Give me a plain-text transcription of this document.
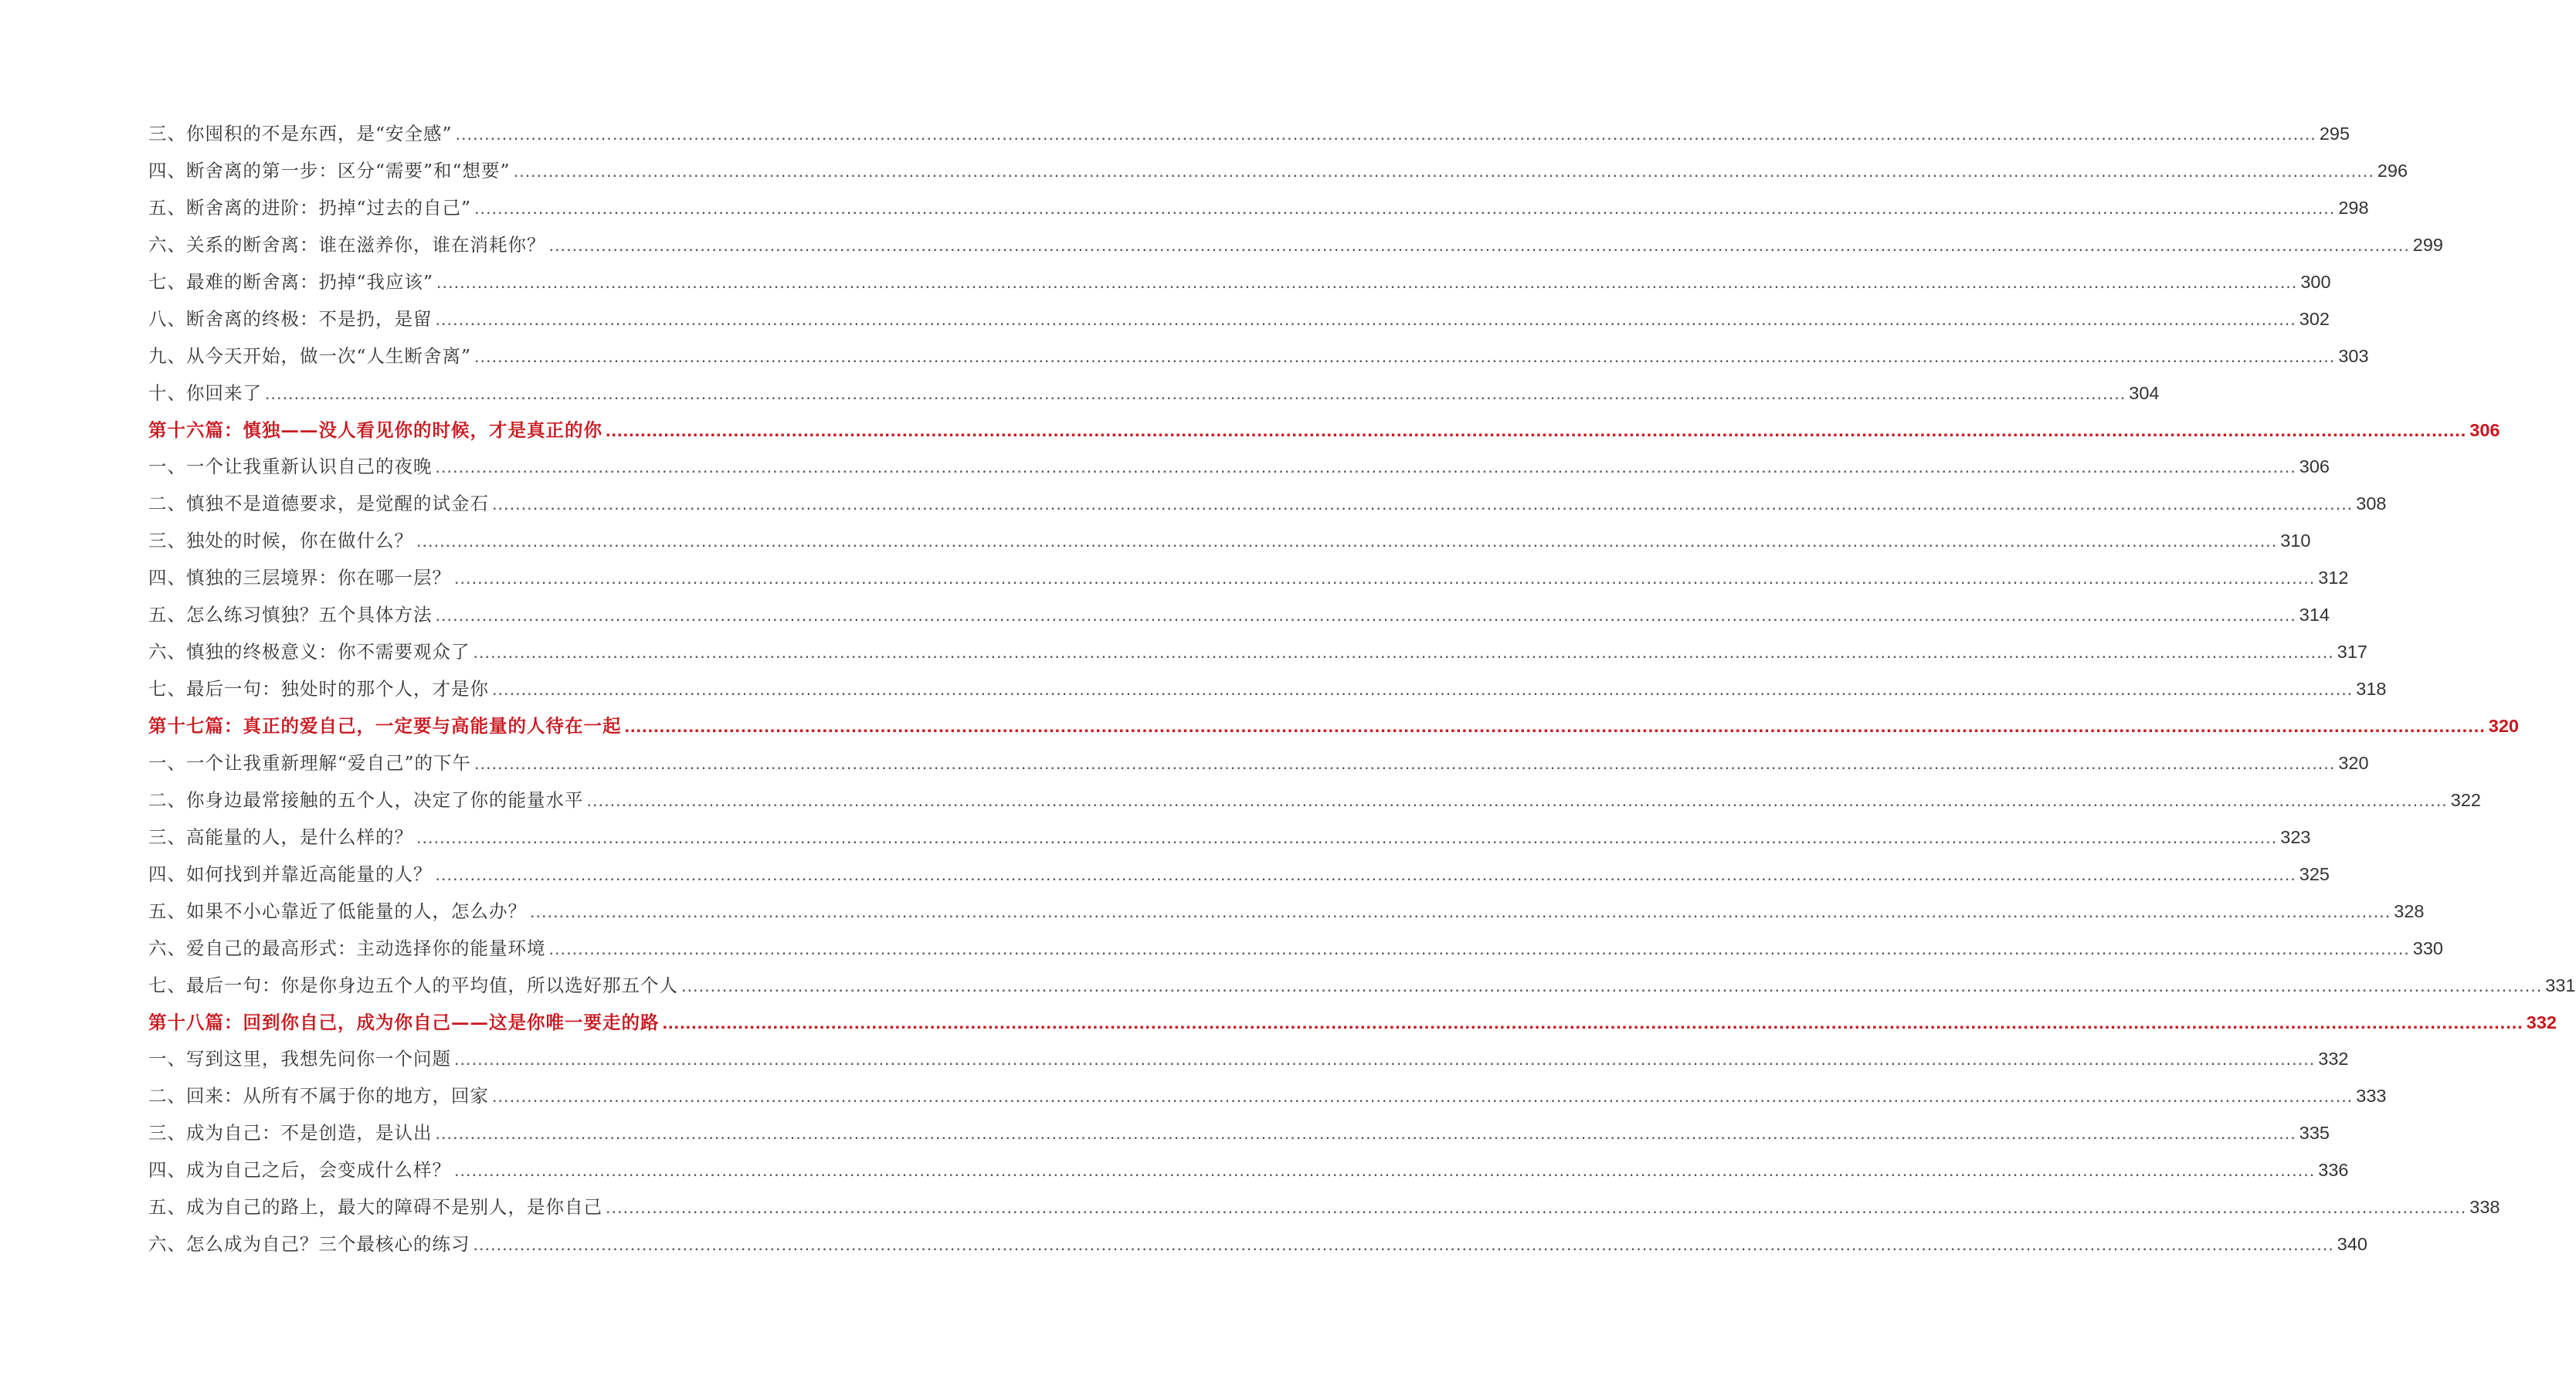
三、你囤积的不是东西，是“安全感” ................................................................................................................................................................................................................................................................................................................................ 295
四、断舍离的第一步：区分“需要”和“想要” ................................................................................................................................................................................................................................................................................................................................ 296
五、断舍离的进阶：扔掉“过去的自己” ................................................................................................................................................................................................................................................................................................................................ 298
六、关系的断舍离：谁在滋养你，谁在消耗你？ ................................................................................................................................................................................................................................................................................................................................ 299
七、最难的断舍离：扔掉“我应该” ................................................................................................................................................................................................................................................................................................................................ 300
八、断舍离的终极：不是扔，是留 ................................................................................................................................................................................................................................................................................................................................ 302
九、从今天开始，做一次“人生断舍离” ................................................................................................................................................................................................................................................................................................................................ 303
十、你回来了 ................................................................................................................................................................................................................................................................................................................................ 304
第十六篇：慎独——没人看见你的时候，才是真正的你 ................................................................................................................................................................................................................................................................................................................................ 306
一、一个让我重新认识自己的夜晚 ................................................................................................................................................................................................................................................................................................................................ 306
二、慎独不是道德要求，是觉醒的试金石 ................................................................................................................................................................................................................................................................................................................................ 308
三、独处的时候，你在做什么？ ................................................................................................................................................................................................................................................................................................................................ 310
四、慎独的三层境界：你在哪一层？ ................................................................................................................................................................................................................................................................................................................................ 312
五、怎么练习慎独？五个具体方法 ................................................................................................................................................................................................................................................................................................................................ 314
六、慎独的终极意义：你不需要观众了 ................................................................................................................................................................................................................................................................................................................................ 317
七、最后一句：独处时的那个人，才是你 ................................................................................................................................................................................................................................................................................................................................ 318
第十七篇：真正的爱自己，一定要与高能量的人待在一起 ................................................................................................................................................................................................................................................................................................................................ 320
一、一个让我重新理解“爱自己”的下午 ................................................................................................................................................................................................................................................................................................................................ 320
二、你身边最常接触的五个人，决定了你的能量水平 ................................................................................................................................................................................................................................................................................................................................ 322
三、高能量的人，是什么样的？ ................................................................................................................................................................................................................................................................................................................................ 323
四、如何找到并靠近高能量的人？ ................................................................................................................................................................................................................................................................................................................................ 325
五、如果不小心靠近了低能量的人，怎么办？ ................................................................................................................................................................................................................................................................................................................................ 328
六、爱自己的最高形式：主动选择你的能量环境 ................................................................................................................................................................................................................................................................................................................................ 330
七、最后一句：你是你身边五个人的平均值，所以选好那五个人 ................................................................................................................................................................................................................................................................................................................................ 331
第十八篇：回到你自己，成为你自己——这是你唯一要走的路 ................................................................................................................................................................................................................................................................................................................................ 332
一、写到这里，我想先问你一个问题 ................................................................................................................................................................................................................................................................................................................................ 332
二、回来：从所有不属于你的地方，回家 ................................................................................................................................................................................................................................................................................................................................ 333
三、成为自己：不是创造，是认出 ................................................................................................................................................................................................................................................................................................................................ 335
四、成为自己之后，会变成什么样？ ................................................................................................................................................................................................................................................................................................................................ 336
五、成为自己的路上，最大的障碍不是别人，是你自己 ................................................................................................................................................................................................................................................................................................................................ 338
六、怎么成为自己？三个最核心的练习 ................................................................................................................................................................................................................................................................................................................................ 340
